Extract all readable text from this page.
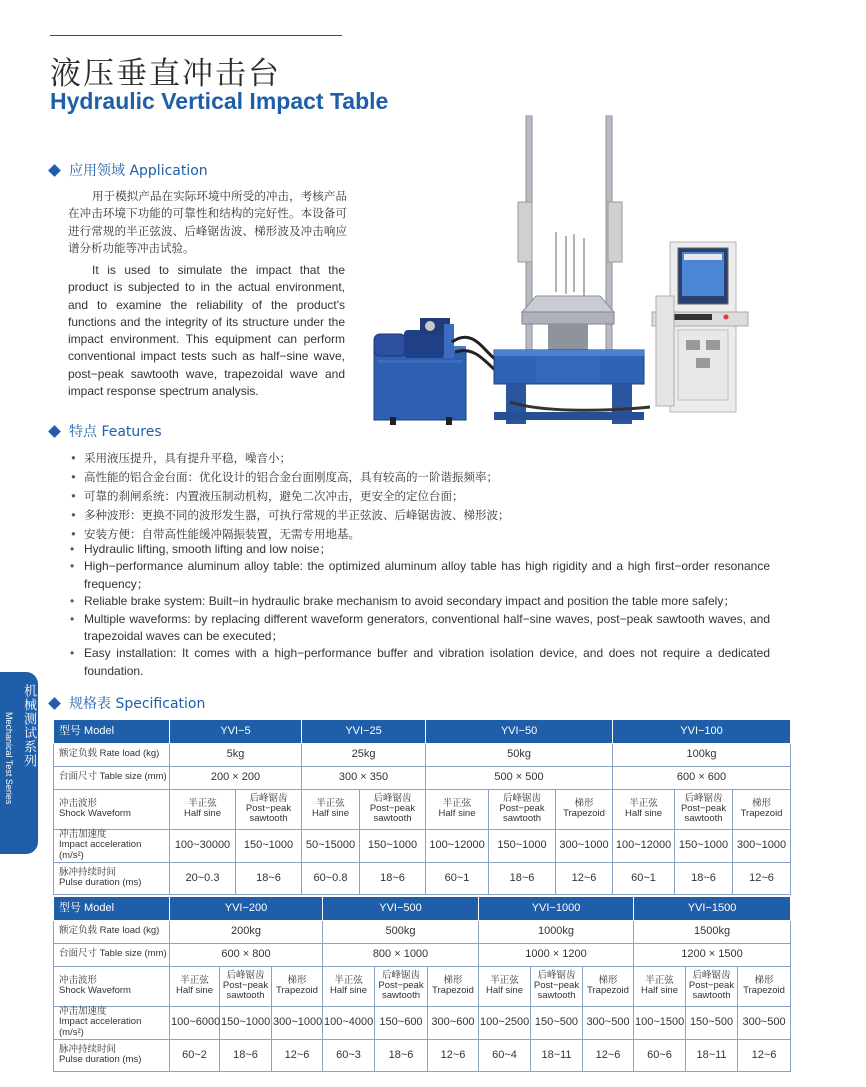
液压垂直冲击台
Hydraulic Vertical Impact Table
应用领域 Application

用于模拟产品在实际环境中所受的冲击，考核产品在冲击环境下功能的可靠性和结构的完好性。本设备可进行常规的半正弦波、后峰锯齿波、梯形波及冲击响应谱分析功能等冲击试验。

It is used to simulate the impact that the product is subjected to in the actual environment, and to examine the reliability of the product's functions and the integrity of its structure under the impact environment. This equipment can perform conventional impact tests such as half−sine wave, post−peak sawtooth wave, trapezoidal wave and impact response spectrum analysis.

特点 Features
• 采用液压提升，具有提升平稳，噪音小；
• 高性能的铝合金台面：优化设计的铝合金台面刚度高，具有较高的一阶谐振频率；
• 可靠的刹闸系统：内置液压制动机构，避免二次冲击，更安全的定位台面；
• 多种波形：更换不同的波形发生器，可执行常规的半正弦波、后峰锯齿波、梯形波；
• 安装方便：自带高性能缓冲隔振装置，无需专用地基。
• Hydraulic lifting, smooth lifting and low noise；
• High−performance aluminum alloy table: the optimized aluminum alloy table has high rigidity and a high first−order resonance frequency；
• Reliable brake system: Built−in hydraulic brake mechanism to avoid secondary impact and position the table more safely；
• Multiple waveforms: by replacing different waveform generators, conventional half−sine waves, post−peak sawtooth waves, and trapezoidal waves can be executed；
• Easy installation: It comes with a high−performance buffer and vibration isolation device, and does not require a dedicated foundation.
机械测试系列
Mechanical Test Series
规格表 Specification
型号 Model	YVI−5		YVI−25		YVI−50			YVI−100		
额定负载 Rate load (kg)	5kg		25kg		50kg			100kg		
台面尺寸 Table size (mm)	200 × 200		300 × 350		500 × 500			600 × 600		
冲击波形
Shock Waveform	半正弦
Half sine	后峰锯齿
Post−peak
sawtooth	半正弦
Half sine	后峰锯齿
Post−peak
sawtooth	半正弦
Half sine	后峰锯齿
Post−peak
sawtooth	梯形
Trapezoid	半正弦
Half sine	后峰锯齿
Post−peak
sawtooth	梯形
Trapezoid
冲击加速度
Impact acceleration (m/s²)	100~30000	150~1000	50~15000	150~1000	100~12000	150~1000	300~1000	100~12000	150~1000	300~1000
脉冲持续时间
Pulse duration (ms)	20~0.3	18~6	60~0.8	18~6	60~1	18~6	12~6	60~1	18~6	12~6
型号 Model	YVI−200			YVI−500			YVI−1000			YVI−1500		
额定负载 Rate load (kg)	200kg			500kg			1000kg			1500kg		
台面尺寸 Table size (mm)	600 × 800			800 × 1000			1000 × 1200			1200 × 1500		
冲击波形
Shock Waveform	半正弦
Half sine	后峰锯齿
Post−peak
sawtooth	梯形
Trapezoid	半正弦
Half sine	后峰锯齿
Post−peak
sawtooth	梯形
Trapezoid	半正弦
Half sine	后峰锯齿
Post−peak
sawtooth	梯形
Trapezoid	半正弦
Half sine	后峰锯齿
Post−peak
sawtooth	梯形
Trapezoid
冲击加速度
Impact acceleration (m/s²)	100~6000	150~1000	300~1000	100~4000	150~600	300~600	100~2500	150~500	300~500	100~1500	150~500	300~500
脉冲持续时间
Pulse duration (ms)	60~2	18~6	12~6	60~3	18~6	12~6	60~4	18~11	12~6	60~6	18~11	12~6
